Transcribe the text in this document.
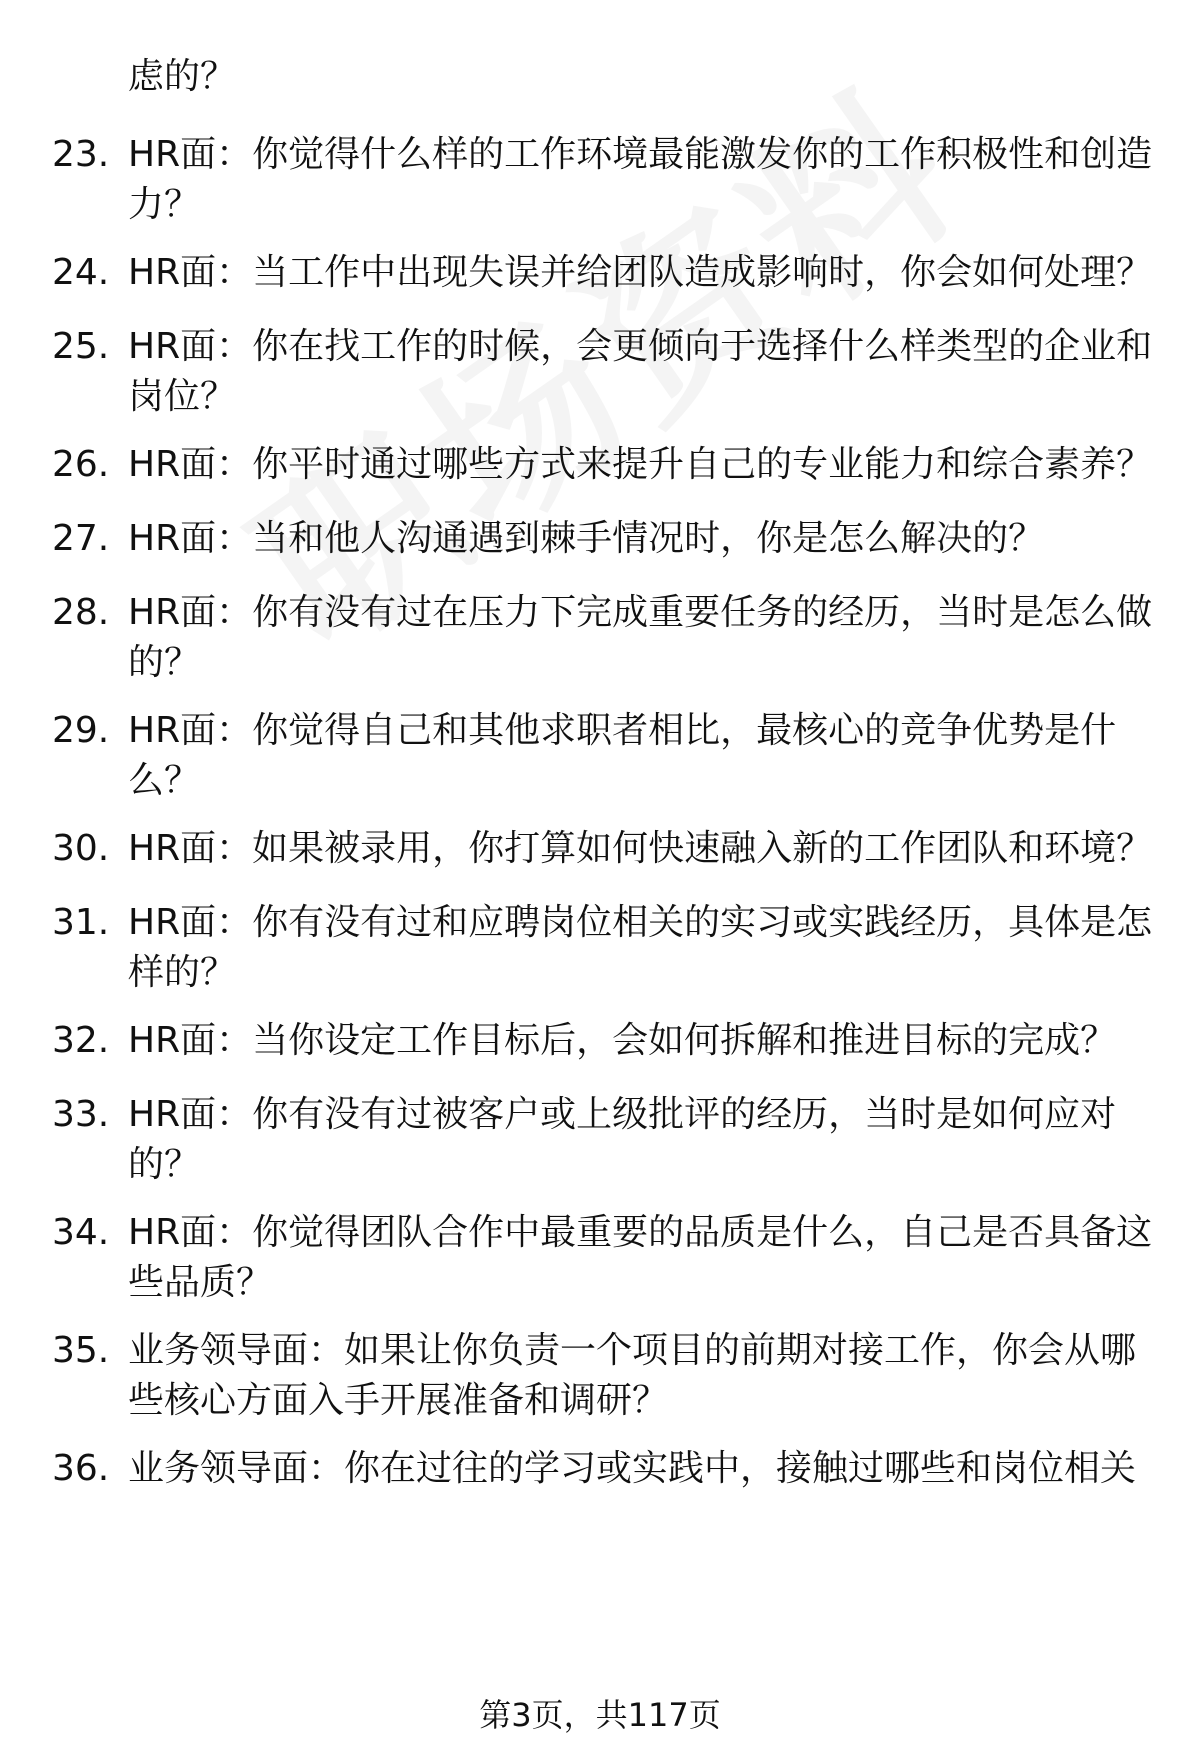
虑的？
23. HR面：你觉得什么样的工作环境最能激发你的工作积极性和创造
力？
24. HR面：当工作中出现失误并给团队造成影响时，你会如何处理？
25. HR面：你在找工作的时候，会更倾向于选择什么样类型的企业和
岗位？
26. HR面：你平时通过哪些方式来提升自己的专业能力和综合素养？
27. HR面：当和他人沟通遇到棘手情况时，你是怎么解决的？
28. HR面：你有没有过在压力下完成重要任务的经历，当时是怎么做
的？
29. HR面：你觉得自己和其他求职者相比，最核心的竞争优势是什
么？
30. HR面：如果被录用，你打算如何快速融入新的工作团队和环境？
31. HR面：你有没有过和应聘岗位相关的实习或实践经历，具体是怎
样的？
32. HR面：当你设定工作目标后，会如何拆解和推进目标的完成？
33. HR面：你有没有过被客户或上级批评的经历，当时是如何应对
的？
34. HR面：你觉得团队合作中最重要的品质是什么，自己是否具备这
些品质？
35. 业务领导面：如果让你负责一个项目的前期对接工作，你会从哪
些核心方面入手开展准备和调研？
36. 业务领导面：你在过往的学习或实践中，接触过哪些和岗位相关
第3页，共117页
